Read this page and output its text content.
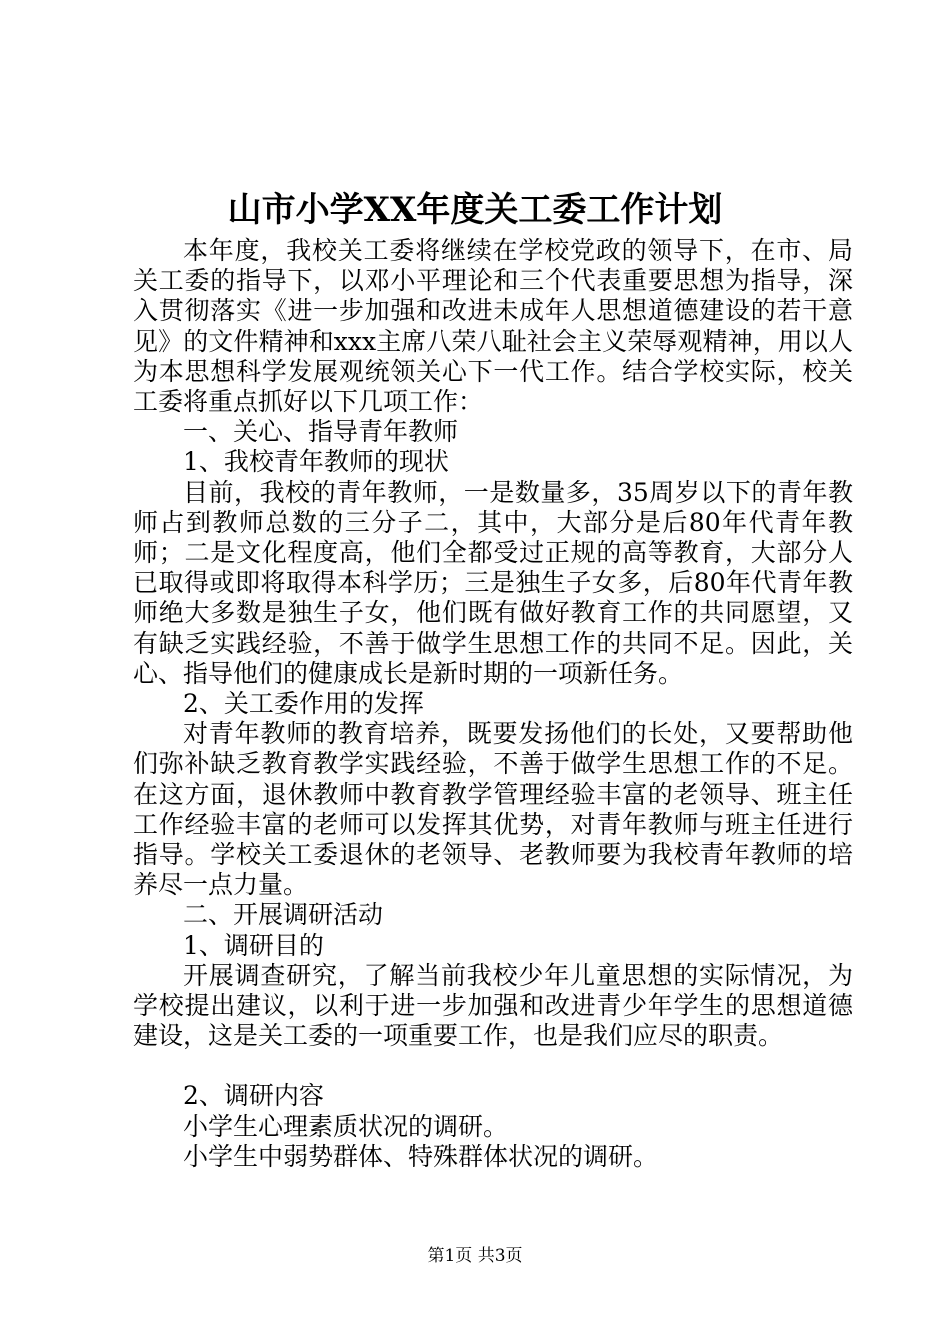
山市小学XX年度关工委工作计划

本年度，我校关工委将继续在学校党政的领导下，在市、局关工委的指导下，以邓小平理论和三个代表重要思想为指导，深入贯彻落实《进一步加强和改进未成年人思想道德建设的若干意见》的文件精神和xxx主席八荣八耻社会主义荣辱观精神，用以人为本思想科学发展观统领关心下一代工作。结合学校实际，校关工委将重点抓好以下几项工作：

一、关心、指导青年教师

1、我校青年教师的现状

目前，我校的青年教师，一是数量多，35周岁以下的青年教师占到教师总数的三分子二，其中，大部分是后80年代青年教师；二是文化程度高，他们全都受过正规的高等教育，大部分人已取得或即将取得本科学历；三是独生子女多，后80年代青年教师绝大多数是独生子女，他们既有做好教育工作的共同愿望，又有缺乏实践经验，不善于做学生思想工作的共同不足。因此，关心、指导他们的健康成长是新时期的一项新任务。

2、关工委作用的发挥

对青年教师的教育培养，既要发扬他们的长处，又要帮助他们弥补缺乏教育教学实践经验，不善于做学生思想工作的不足。在这方面，退休教师中教育教学管理经验丰富的老领导、班主任工作经验丰富的老师可以发挥其优势，对青年教师与班主任进行指导。学校关工委退休的老领导、老教师要为我校青年教师的培养尽一点力量。

二、开展调研活动

1、调研目的

开展调查研究，了解当前我校少年儿童思想的实际情况，为学校提出建议，以利于进一步加强和改进青少年学生的思想道德建设，这是关工委的一项重要工作，也是我们应尽的职责。

2、调研内容

小学生心理素质状况的调研。

小学生中弱势群体、特殊群体状况的调研。

第1页 共3页
